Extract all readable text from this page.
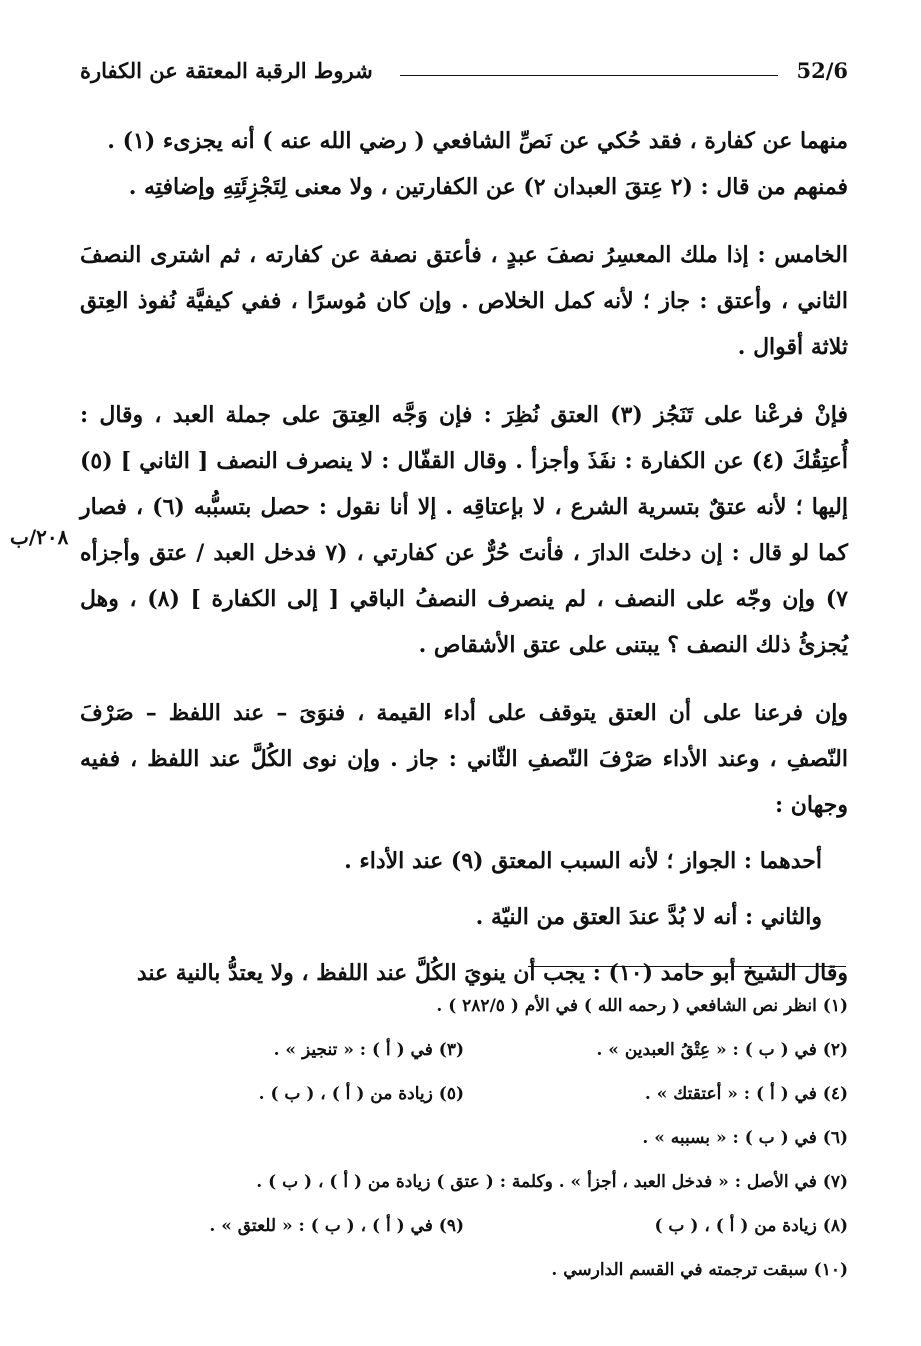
52/6
شروط الرقبة المعتقة عن الكفارة
٢٠٨/ب

منهما عن كفارة ، فقد حُكي عن نَصِّ الشافعي ( رضي الله عنه ) أنه يجزىء (١) .
فمنهم من قال : (٢ عِتقَ العبدان ٢) عن الكفارتين ، ولا معنى لِتَجْزِئَتِهِ وإضافتِه .

الخامس : إذا ملك المعسِرُ نصفَ عبدٍ ، فأعتق نصفة عن كفارته ، ثم اشترى النصفَ الثاني ، وأعتق : جاز ؛ لأنه كمل الخلاص . وإن كان مُوسرًا ، ففي كيفيَّة نُفوذ العِتق ثلاثة أقوال .

فإنْ فرعْنا على تَنَجُز (٣) العتق نُظِرَ : فإن وَجَّه العِتقَ على جملة العبد ، وقال : أُعتِقُكَ (٤) عن الكفارة : نفَذَ وأجزأ . وقال القفّال : لا ينصرف النصف [ الثاني ] (٥) إليها ؛ لأنه عتقٌ بتسرية الشرع ، لا بإعتاقِه . إلا أنا نقول : حصل بتسبُّبه (٦) ، فصار كما لو قال : إن دخلتَ الدارَ ، فأنتَ حُرٌّ عن كفارتي ، (٧ فدخل العبد / عتق وأجزأه ٧) وإن وجّه على النصف ، لم ينصرف النصفُ الباقي [ إلى الكفارة ] (٨) ، وهل يُجزئُ ذلك النصف ؟ يبتنى على عتق الأشقاص .

وإن فرعنا على أن العتق يتوقف على أداء القيمة ، فنوَىَ – عند اللفظ – صَرْفَ النّصفِ ، وعند الأداء صَرْفَ النّصفِ الثّاني : جاز . وإن نوى الكُلَّ عند اللفظ ، ففيه وجهان :

أحدهما : الجواز ؛ لأنه السبب المعتق (٩) عند الأداء .

والثاني : أنه لا بُدَّ عندَ العتق من النيّة .

وقال الشيخ أبو حامد (١٠) : يجب أن ينويَ الكُلَّ عند اللفظ ، ولا يعتدُّ بالنية عند

(١) انظر نص الشافعي ( رحمه الله ) في الأم ( ٢٨٢/٥ ) .
(٢) في ( ب ) : « عِتْقُ العبدين » .
(٣) في ( أ ) : « تنجيز » .
(٤) في ( أ ) : « أعتقتك » .
(٥) زيادة من ( أ ) ، ( ب ) .
(٦) في ( ب ) : « بسببه » .
(٧) في الأصل : « فدخل العبد ، أجزأ » . وكلمة : ( عتق ) زيادة من ( أ ) ، ( ب ) .
(٨) زيادة من ( أ ) ، ( ب )
(٩) في ( أ ) ، ( ب ) : « للعتق » .
(١٠) سبقت ترجمته في القسم الدارسي .
